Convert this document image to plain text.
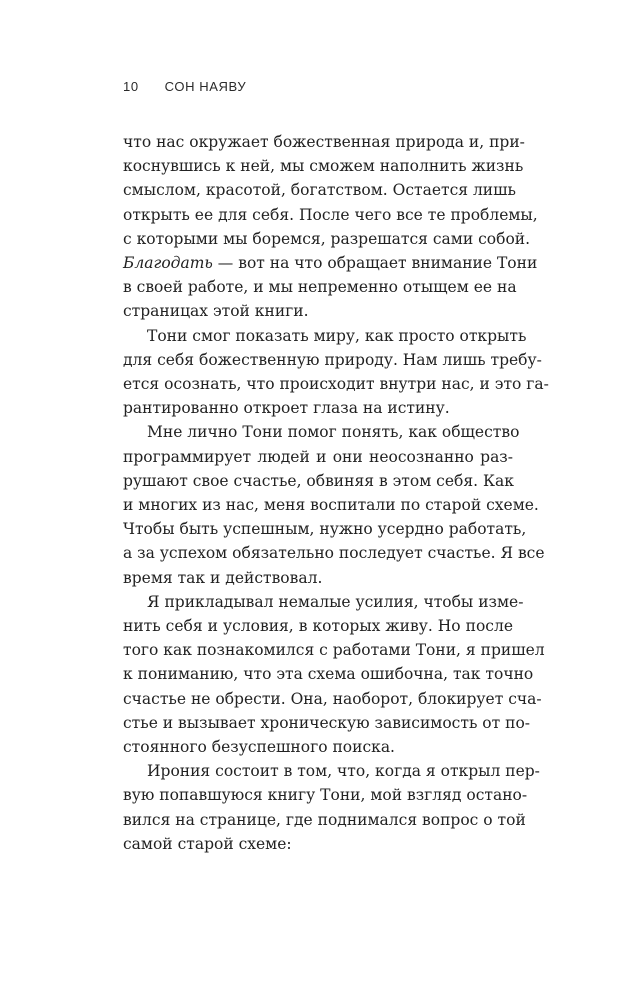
10 СОН НАЯВУ
что нас окружает божественная природа и, при-
коснувшись к ней, мы сможем наполнить жизнь
смыслом, красотой, богатством. Остается лишь
открыть ее для себя. После чего все те проблемы,
с которыми мы боремся, разрешатся сами собой.
Благодать — вот на что обращает внимание Тони
в своей работе, и мы непременно отыщем ее на
страницах этой книги.
Тони смог показать миру, как просто открыть
для себя божественную природу. Нам лишь требу-
ется осознать, что происходит внутри нас, и это га-
рантированно откроет глаза на истину.
Мне лично Тони помог понять, как общество
программирует людей и они неосознанно раз-
рушают свое счастье, обвиняя в этом себя. Как
и многих из нас, меня воспитали по старой схеме.
Чтобы быть успешным, нужно усердно работать,
а за успехом обязательно последует счастье. Я все
время так и действовал.
Я прикладывал немалые усилия, чтобы изме-
нить себя и условия, в которых живу. Но после
того как познакомился с работами Тони, я пришел
к пониманию, что эта схема ошибочна, так точно
счастье не обрести. Она, наоборот, блокирует сча-
стье и вызывает хроническую зависимость от по-
стоянного безуспешного поиска.
Ирония состоит в том, что, когда я открыл пер-
вую попавшуюся книгу Тони, мой взгляд остано-
вился на странице, где поднимался вопрос о той
самой старой схеме:
